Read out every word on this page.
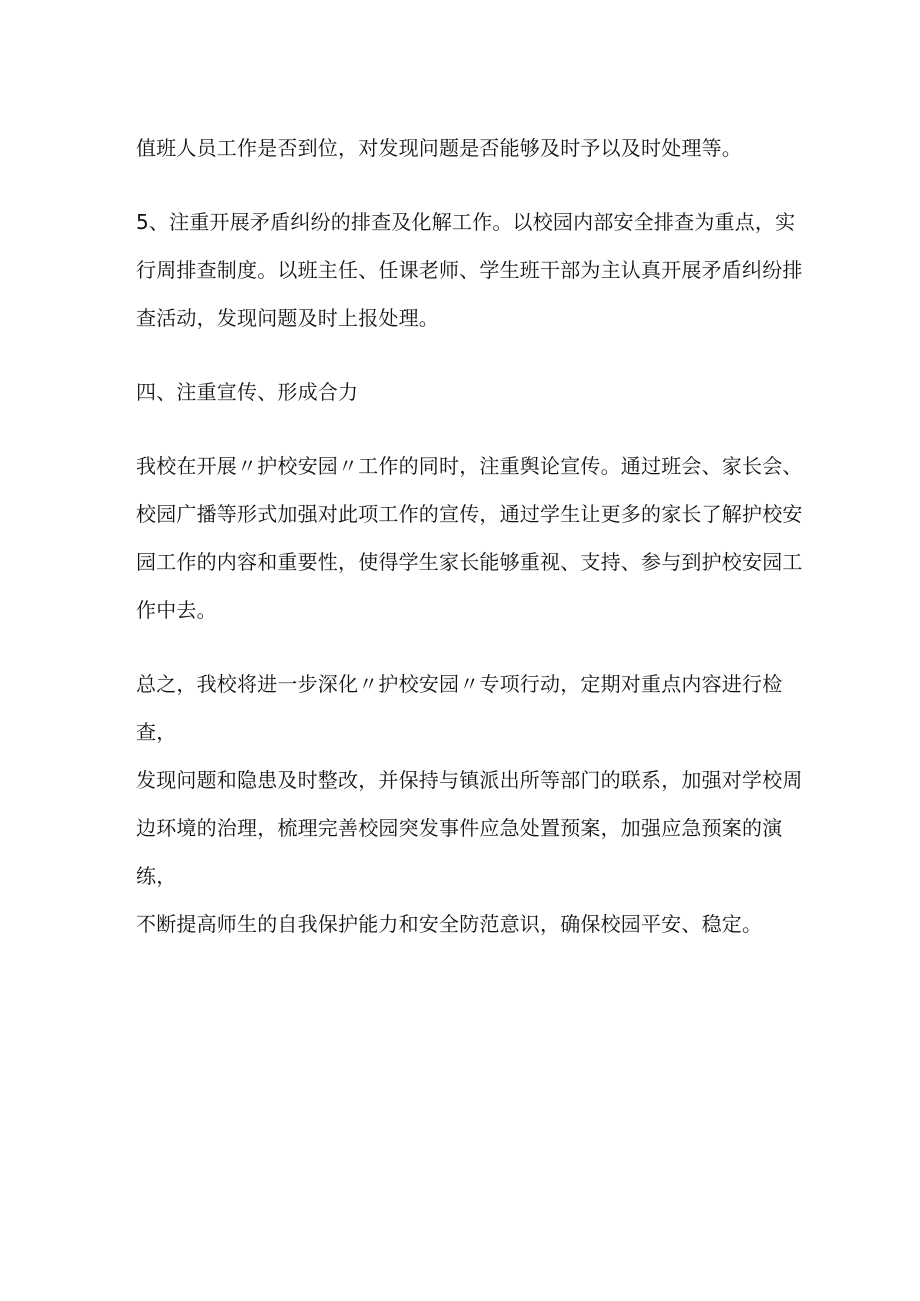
值班人员工作是否到位，对发现问题是否能够及时予以及时处理等。
5、注重开展矛盾纠纷的排查及化解工作。以校园内部安全排查为重点，实
行周排查制度。以班主任、任课老师、学生班干部为主认真开展矛盾纠纷排
查活动，发现问题及时上报处理。
四、注重宣传、形成合力
我校在开展〃护校安园〃工作的同时，注重舆论宣传。通过班会、家长会、
校园广播等形式加强对此项工作的宣传，通过学生让更多的家长了解护校安
园工作的内容和重要性，使得学生家长能够重视、支持、参与到护校安园工
作中去。
总之，我校将进一步深化〃护校安园〃专项行动，定期对重点内容进行检查，
发现问题和隐患及时整改，并保持与镇派出所等部门的联系，加强对学校周
边环境的治理，梳理完善校园突发事件应急处置预案，加强应急预案的演练，
不断提高师生的自我保护能力和安全防范意识，确保校园平安、稳定。
